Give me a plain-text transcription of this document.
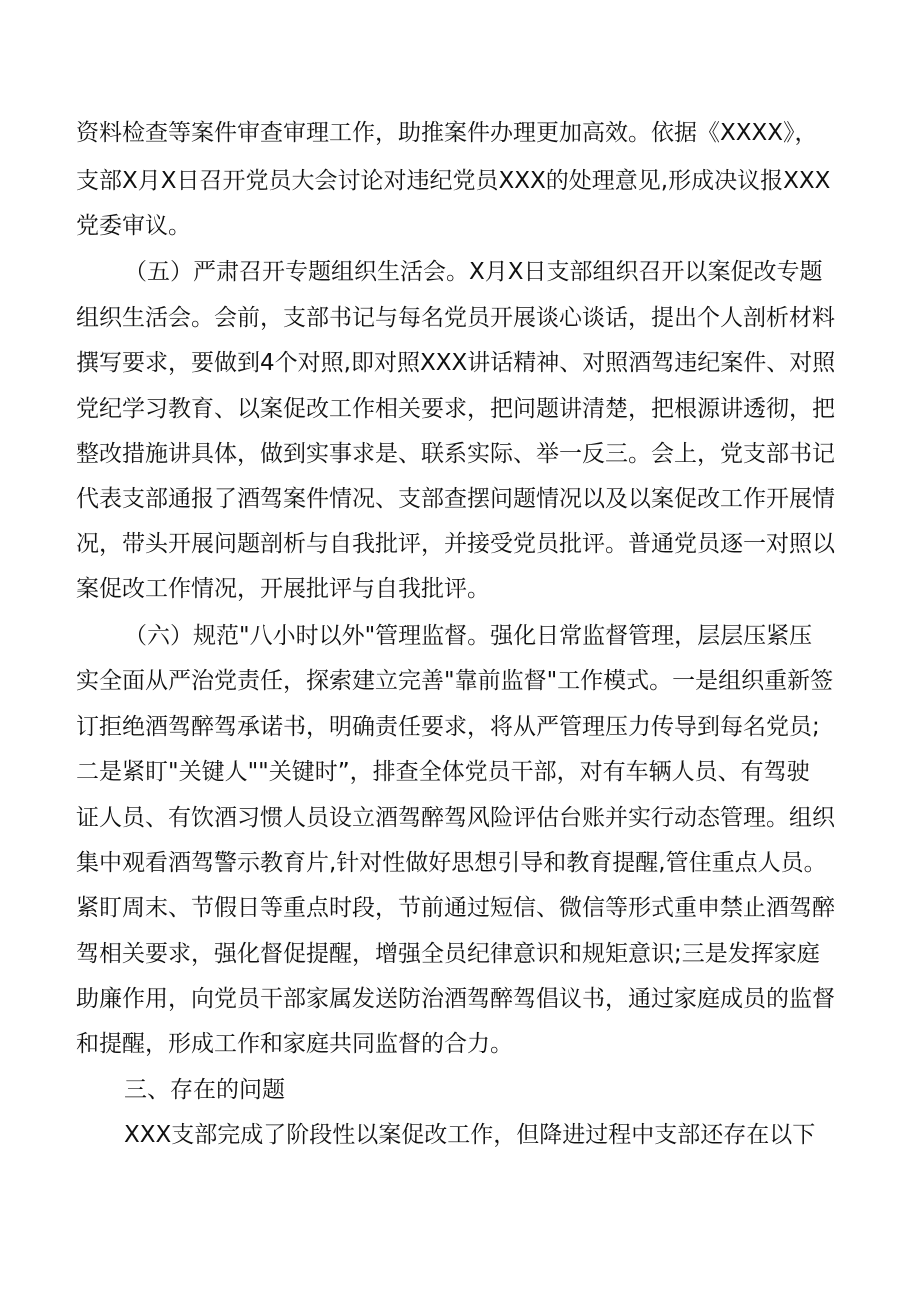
资料检查等案件审查审理工作，助推案件办理更加高效。依据《XXXX》，
支部X月X日召开党员大会讨论对违纪党员XXX的处理意见,形成决议报XXX
党委审议。
（五）严肃召开专题组织生活会。X月X日支部组织召开以案促改专题
组织生活会。会前，支部书记与每名党员开展谈心谈话，提出个人剖析材料
撰写要求，要做到4个对照,即对照XXX讲话精神、对照酒驾违纪案件、对照
党纪学习教育、以案促改工作相关要求，把问题讲清楚，把根源讲透彻，把
整改措施讲具体，做到实事求是、联系实际、举一反三。会上，党支部书记
代表支部通报了酒驾案件情况、支部查摆问题情况以及以案促改工作开展情
况，带头开展问题剖析与自我批评，并接受党员批评。普通党员逐一对照以
案促改工作情况，开展批评与自我批评。
（六）规范"八小时以外"管理监督。强化日常监督管理，层层压紧压
实全面从严治党责任，探索建立完善"靠前监督"工作模式。一是组织重新签
订拒绝酒驾醉驾承诺书，明确责任要求，将从严管理压力传导到每名党员;
二是紧盯"关键人""关键时”，排查全体党员干部，对有车辆人员、有驾驶
证人员、有饮酒习惯人员设立酒驾醉驾风险评估台账并实行动态管理。组织
集中观看酒驾警示教育片,针对性做好思想引导和教育提醒,管住重点人员。
紧盯周末、节假日等重点时段，节前通过短信、微信等形式重申禁止酒驾醉
驾相关要求，强化督促提醒，增强全员纪律意识和规矩意识;三是发挥家庭
助廉作用，向党员干部家属发送防治酒驾醉驾倡议书，通过家庭成员的监督
和提醒，形成工作和家庭共同监督的合力。
三、存在的问题
XXX支部完成了阶段性以案促改工作，但降进过程中支部还存在以下
